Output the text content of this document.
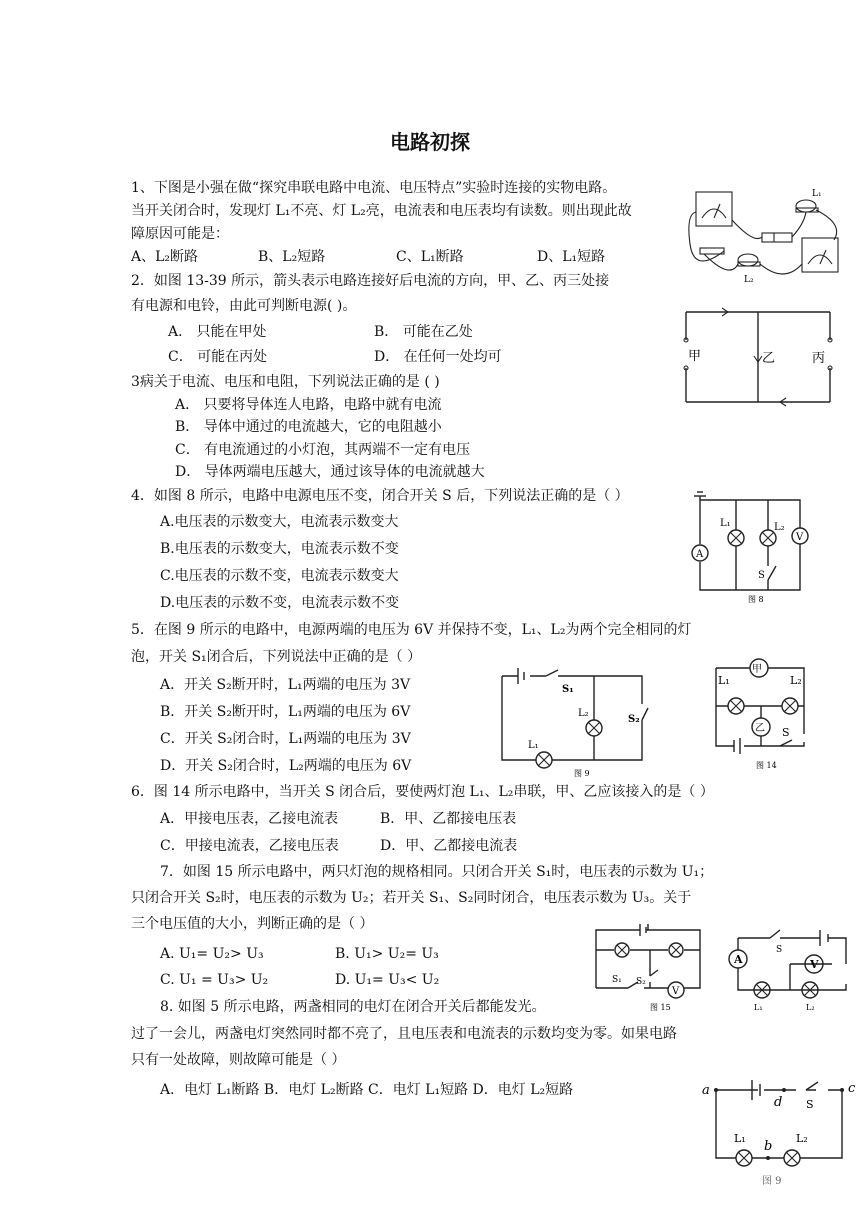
电路初探
1、下图是小强在做“探究串联电路中电流、电压特点”实验时连接的实物电路。
当开关闭合时，发现灯 L₁不亮、灯 L₂亮，电流表和电压表均有读数。则出现此故
障原因可能是：
A、L₂断路	B、L₂短路	C、L₁断路	D、L₁短路
2．如图 13-39 所示，箭头表示电路连接好后电流的方向，甲、乙、丙三处接
有电源和电铃，由此可判断电源( )。
A． 只能在甲处	B． 可能在乙处
C． 可能在丙处	D． 在任何一处均可
3病关于电流、电压和电阻，下列说法正确的是 ( )
A． 只要将导体连人电路，电路中就有电流
B． 导体中通过的电流越大，它的电阻越小
C． 有电流通过的小灯泡，其两端不一定有电压
D． 导体两端电压越大，通过该导体的电流就越大
4．如图 8 所示，电路中电源电压不变，闭合开关 S 后，下列说法正确的是（ ）
A.电压表的示数变大，电流表示数变大
B.电压表的示数变大，电流表示数不变
C.电压表的示数不变，电流表示数变大
D.电压表的示数不变，电流表示数不变
5．在图 9 所示的电路中，电源两端的电压为 6V 并保持不变，L₁、L₂为两个完全相同的灯
泡，开关 S₁闭合后，下列说法中正确的是（ ）
A．开关 S₂断开时，L₁两端的电压为 3V
B．开关 S₂断开时，L₁两端的电压为 6V
C．开关 S₂闭合时，L₁两端的电压为 3V
D．开关 S₂闭合时，L₂两端的电压为 6V
6．图 14 所示电路中，当开关 S 闭合后，要使两灯泡 L₁、L₂串联，甲、乙应该接入的是（ ）
A．甲接电压表，乙接电流表	B．甲、乙都接电压表
C．甲接电流表，乙接电压表	D．甲、乙都接电流表
7．如图 15 所示电路中，两只灯泡的规格相同。只闭合开关 S₁时，电压表的示数为 U₁；
只闭合开关 S₂时，电压表的示数为 U₂；若开关 S₁、S₂同时闭合，电压表示数为 U₃。关于
三个电压值的大小，判断正确的是（ ）
A. U₁= U₂> U₃	B. U₁> U₂= U₃
C. U₁ = U₃> U₂	D. U₁= U₃< U₂
8. 如图 5 所示电路，两盏相同的电灯在闭合开关后都能发光。
过了一会儿，两盏电灯突然同时都不亮了，且电压表和电流表的示数均变为零。如果电路
只有一处故障，则故障可能是（ ）
A．电灯 L₁断路 B．电灯 L₂断路 C．电灯 L₁短路 D．电灯 L₂短路
L₁
L₂
甲	乙	丙
A
V
L₁	L₂
S
图 8
S₁
S₂
L₂
L₁
图 9
甲
乙
L₁	L₂
S
图 14
V
S₁ S₂
图 15
A	V
S
L₁	L₂
a	c
d S
b
L₁	L₂
图 9
